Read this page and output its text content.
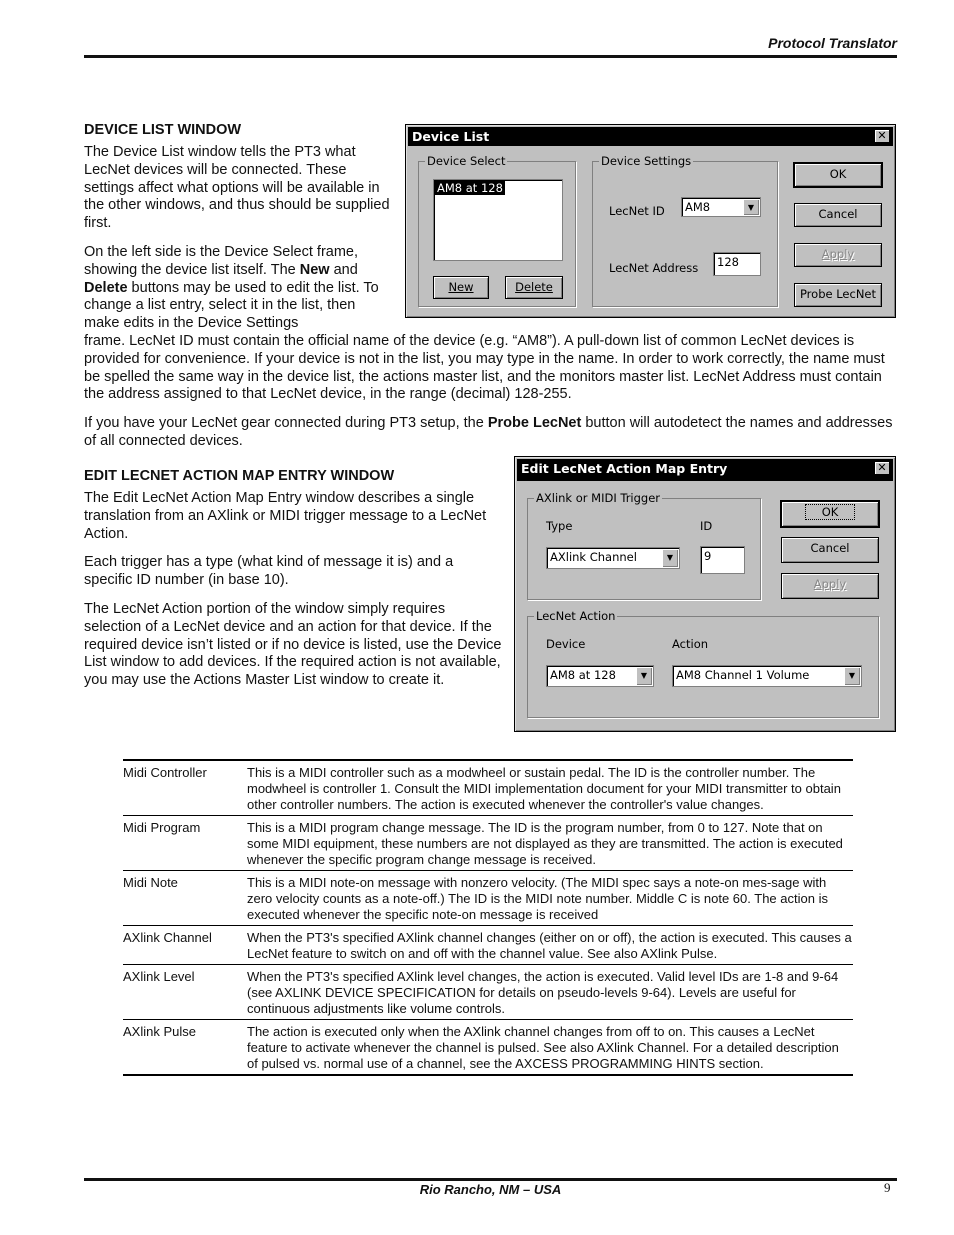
Protocol Translator
DEVICE LIST WINDOW

The Device List window tells the PT3 what LecNet devices will be connected. These settings affect what options will be available in the other windows, and thus should be supplied first.

On the left side is the Device Select frame, showing the device list itself. The New and Delete buttons may be used to edit the list. To change a list entry, select it in the list, then make edits in the Device Settings

frame. LecNet ID must contain the official name of the device (e.g. “AM8”). A pull-down list of common LecNet devices is provided for convenience. If your device is not in the list, you may type in the name. In order to work correctly, the name must be spelled the same way in the device list, the actions master list, and the monitors master list. LecNet Address must contain the address assigned to that LecNet device, in the range (decimal) 128-255.

If you have your LecNet gear connected during PT3 setup, the Probe LecNet button will autodetect the names and addresses of all connected devices.

Device List	✕
Device Select
AM8 at 128
New	Delete
Device Settings
LecNet ID	AM8	▼
LecNet Address	128
OK
Cancel
Apply
Probe LecNet
EDIT LECNET ACTION MAP ENTRY WINDOW

The Edit LecNet Action Map Entry window describes a single translation from an AXlink or MIDI trigger message to a LecNet Action.

Each trigger has a type (what kind of message it is) and a specific ID number (in base 10).

The LecNet Action portion of the window simply requires selection of a LecNet device and an action for that device. If the required device isn’t listed or if no device is listed, use the Device List window to add devices. If the required action is not available, you may use the Actions Master List window to create it.

Edit LecNet Action Map Entry	✕
AXlink or MIDI Trigger
Type	ID
AXlink Channel	▼	9
OK
Cancel
Apply
LecNet Action
Device	Action
AM8 at 128	▼	AM8 Channel 1 Volume	▼
Midi Controller	This is a MIDI controller such as a modwheel or sustain pedal. The ID is the controller number. The modwheel is controller 1. Consult the MIDI implementation document for your MIDI transmitter to obtain other controller numbers. The action is executed whenever the controller's value changes.
Midi Program	This is a MIDI program change message. The ID is the program number, from 0 to 127. Note that on some MIDI equipment, these numbers are not displayed as they are transmitted. The action is executed whenever the specific program change message is received.
Midi Note	This is a MIDI note-on message with nonzero velocity. (The MIDI spec says a note-on mes-sage with zero velocity counts as a note-off.) The ID is the MIDI note number. Middle C is note 60. The action is executed whenever the specific note-on message is received
AXlink Channel	When the PT3's specified AXlink channel changes (either on or off), the action is executed. This causes a LecNet feature to switch on and off with the channel value. See also AXlink Pulse.
AXlink Level	When the PT3's specified AXlink level changes, the action is executed. Valid level IDs are 1-8 and 9-64 (see AXLINK DEVICE SPECIFICATION for details on pseudo-levels 9-64). Levels are useful for continuous adjustments like volume controls.
AXlink Pulse	The action is executed only when the AXlink channel changes from off to on. This causes a LecNet feature to activate whenever the channel is pulsed. See also AXlink Channel. For a detailed description of pulsed vs. normal use of a channel, see the AXCESS PROGRAMMING HINTS section.
Rio Rancho, NM – USA	9
